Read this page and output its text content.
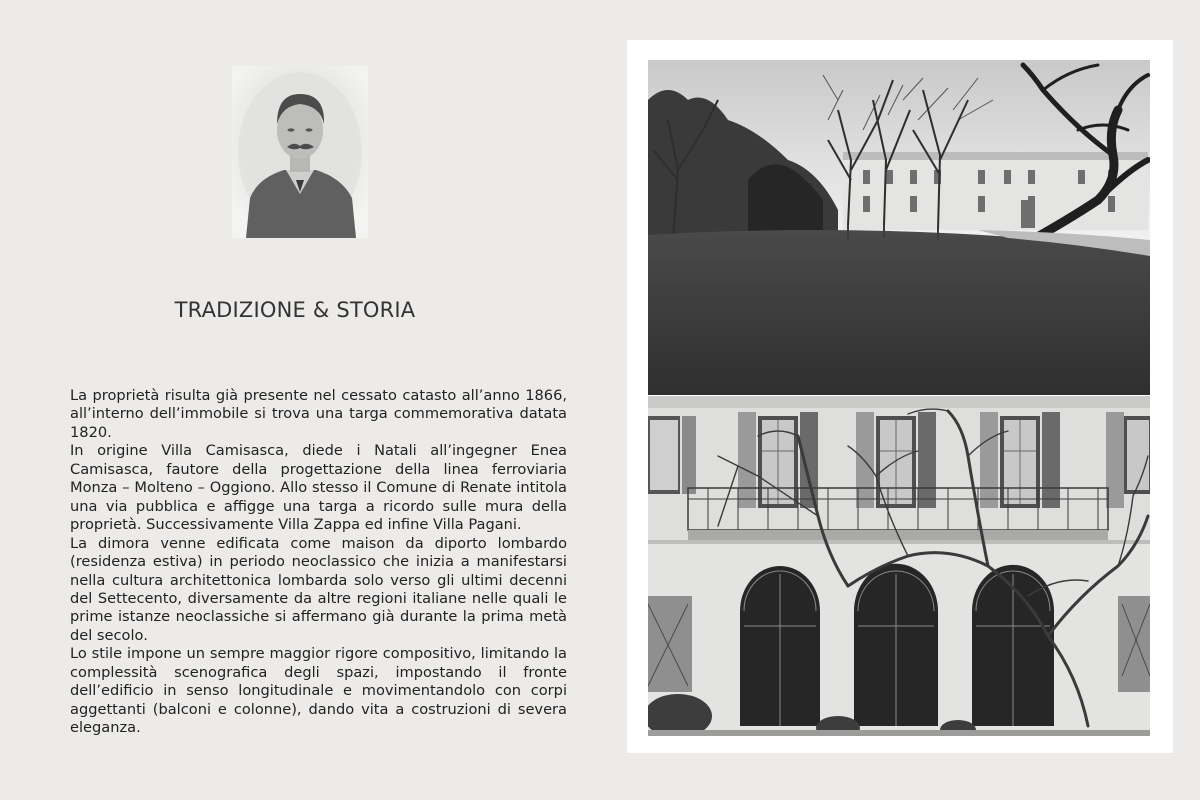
TRADIZIONE & STORIA

La proprietà risulta già presente nel cessato catasto all’anno 1866, all’interno dell’immobile si trova una targa commemorativa datata 1820.

In origine Villa Camisasca, diede i Natali all’ingegner Enea Camisasca, fautore della progettazione della linea ferroviaria Monza – Molteno – Oggiono. Allo stesso il Comune di Renate intitola una via pubblica e affigge una targa a ricordo sulle mura della proprietà. Successivamente Villa Zappa ed infine Villa Pagani.

La dimora venne edificata come maison da diporto lombardo (residenza estiva) in periodo neoclassico che inizia a manifestarsi nella cultura architettonica lombarda solo verso gli ultimi decenni del Settecento, diversamente da altre regioni italiane nelle quali le prime istanze neoclassiche si affermano già durante la prima metà del secolo.

Lo stile impone un sempre maggior rigore compositivo, limitando la complessità scenografica degli spazi, impostando il fronte dell’edificio in senso longitudinale e movimentandolo con corpi aggettanti (balconi e colonne), dando vita a costruzioni di severa eleganza.
